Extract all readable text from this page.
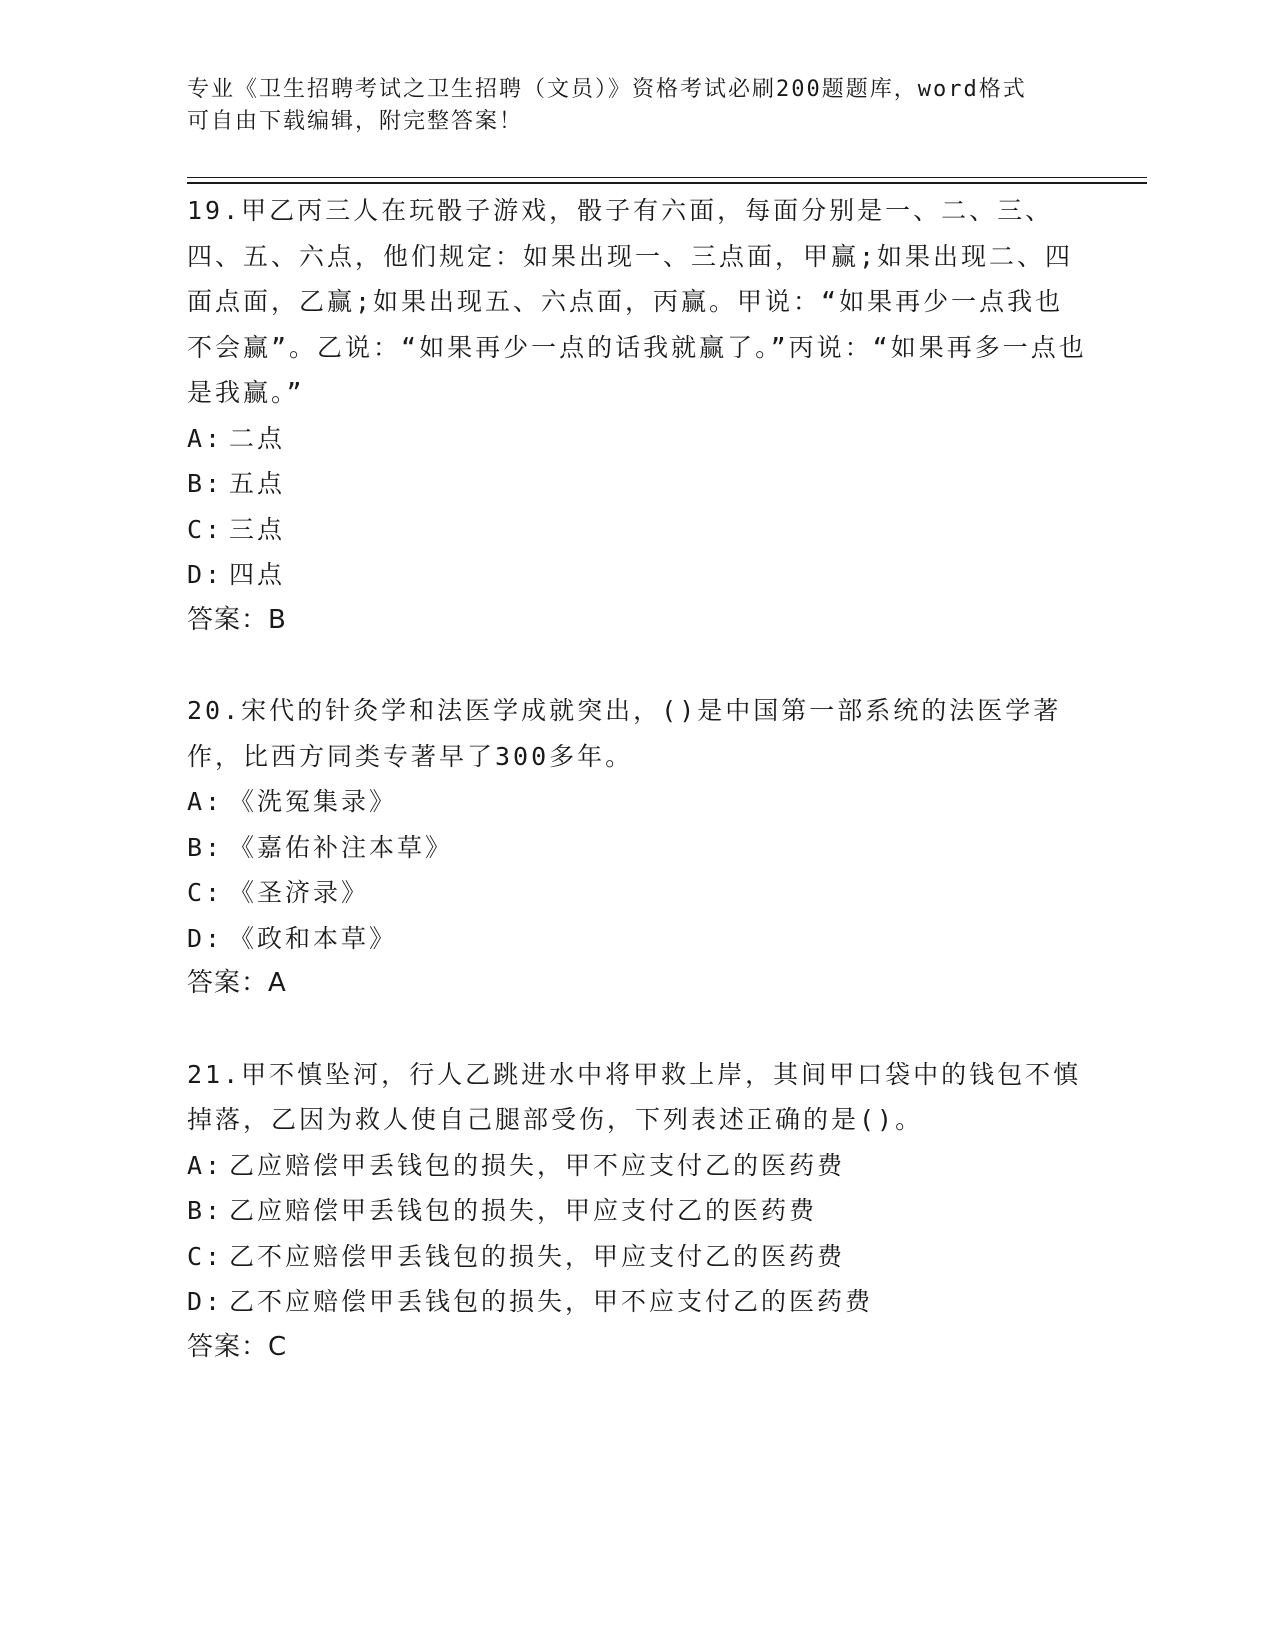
专业《卫生招聘考试之卫生招聘（文员）》资格考试必刷200题题库，word格式
可自由下载编辑，附完整答案！
19.甲乙丙三人在玩骰子游戏，骰子有六面，每面分别是一、二、三、四、五、六点，他们规定：如果出现一、三点面，甲赢;如果出现二、四面点面，乙赢;如果出现五、六点面，丙赢。甲说：“如果再少一点我也不会赢”。乙说：“如果再少一点的话我就赢了。”丙说：“如果再多一点也是我赢。”
A: 二点
B: 五点
C: 三点
D: 四点
答案：B
20.宋代的针灸学和法医学成就突出，()是中国第一部系统的法医学著作，比西方同类专著早了300多年。
A: 《洗冤集录》
B: 《嘉佑补注本草》
C: 《圣济录》
D: 《政和本草》
答案：A
21.甲不慎坠河，行人乙跳进水中将甲救上岸，其间甲口袋中的钱包不慎掉落，乙因为救人使自己腿部受伤，下列表述正确的是()。
A: 乙应赔偿甲丢钱包的损失，甲不应支付乙的医药费
B: 乙应赔偿甲丢钱包的损失，甲应支付乙的医药费
C: 乙不应赔偿甲丢钱包的损失，甲应支付乙的医药费
D: 乙不应赔偿甲丢钱包的损失，甲不应支付乙的医药费
答案：C
